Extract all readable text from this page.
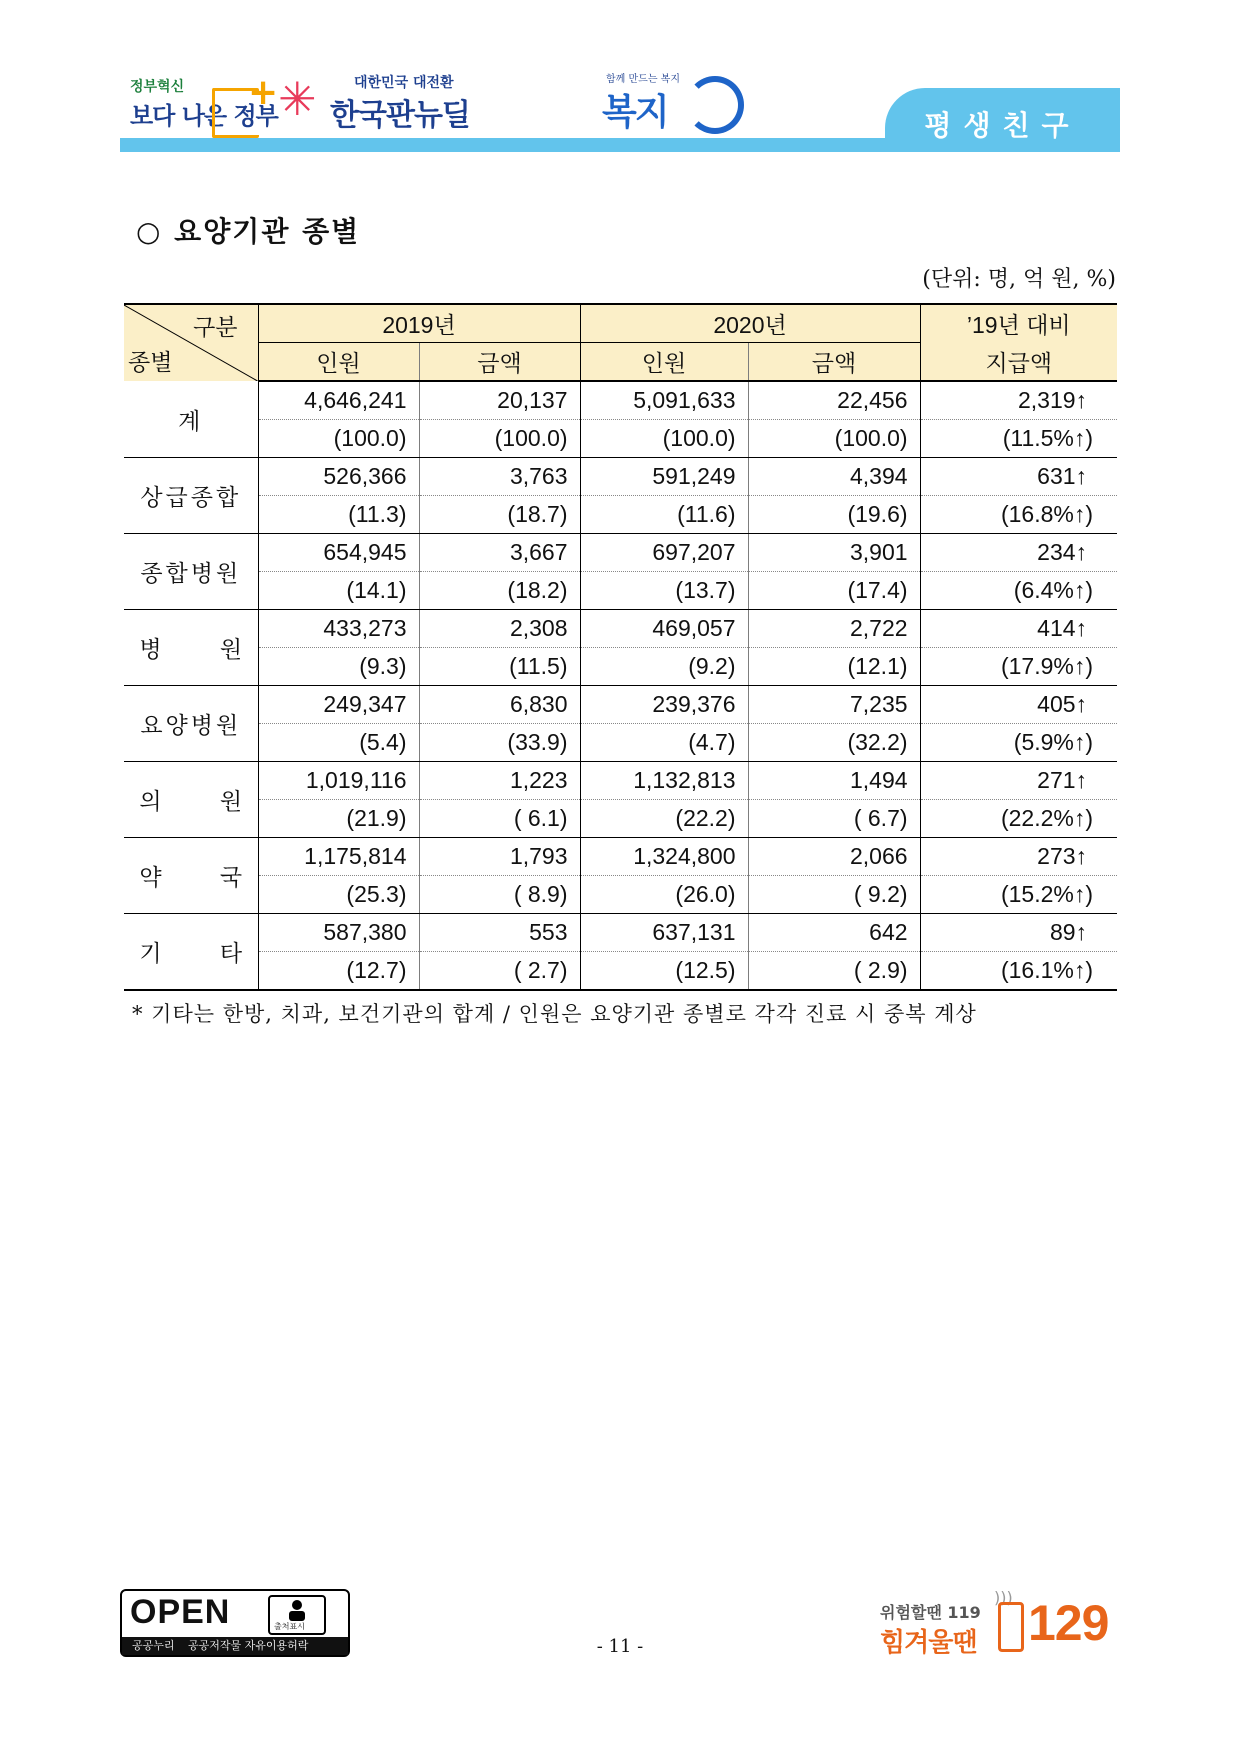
정부혁신
보다 나은 정부
+ ✳	대한민국 대전환
한국판뉴딜
함께 만드는 복지
복지	평생친구
○ 요양기관 종별
(단위: 명, 억 원, %)
구분
종별	2019년		2020년		’19년 대비
	인원	금액	인원	금액	지급액
계	4,646,241	20,137	5,091,633	22,456	2,319↑
	(100.0)	(100.0)	(100.0)	(100.0)	(11.5%↑)
상급종합	526,366	3,763	591,249	4,394	631↑
	(11.3)	(18.7)	(11.6)	(19.6)	(16.8%↑)
종합병원	654,945	3,667	697,207	3,901	234↑
	(14.1)	(18.2)	(13.7)	(17.4)	(6.4%↑)
병 원	433,273	2,308	469,057	2,722	414↑
	(9.3)	(11.5)	(9.2)	(12.1)	(17.9%↑)
요양병원	249,347	6,830	239,376	7,235	405↑
	(5.4)	(33.9)	(4.7)	(32.2)	(5.9%↑)
의 원	1,019,116	1,223	1,132,813	1,494	271↑
	(21.9)	( 6.1)	(22.2)	( 6.7)	(22.2%↑)
약 국	1,175,814	1,793	1,324,800	2,066	273↑
	(25.3)	( 8.9)	(26.0)	( 9.2)	(15.2%↑)
기 타	587,380	553	637,131	642	89↑
	(12.7)	( 2.7)	(12.5)	( 2.9)	(16.1%↑)
* 기타는 한방, 치과, 보건기관의 합계 / 인원은 요양기관 종별로 각각 진료 시 중복 계상
OPEN	출처표시
공공누리 공공저작물 자유이용허락	- 11 -
)))
위험할땐 119
힘겨울땐 129
